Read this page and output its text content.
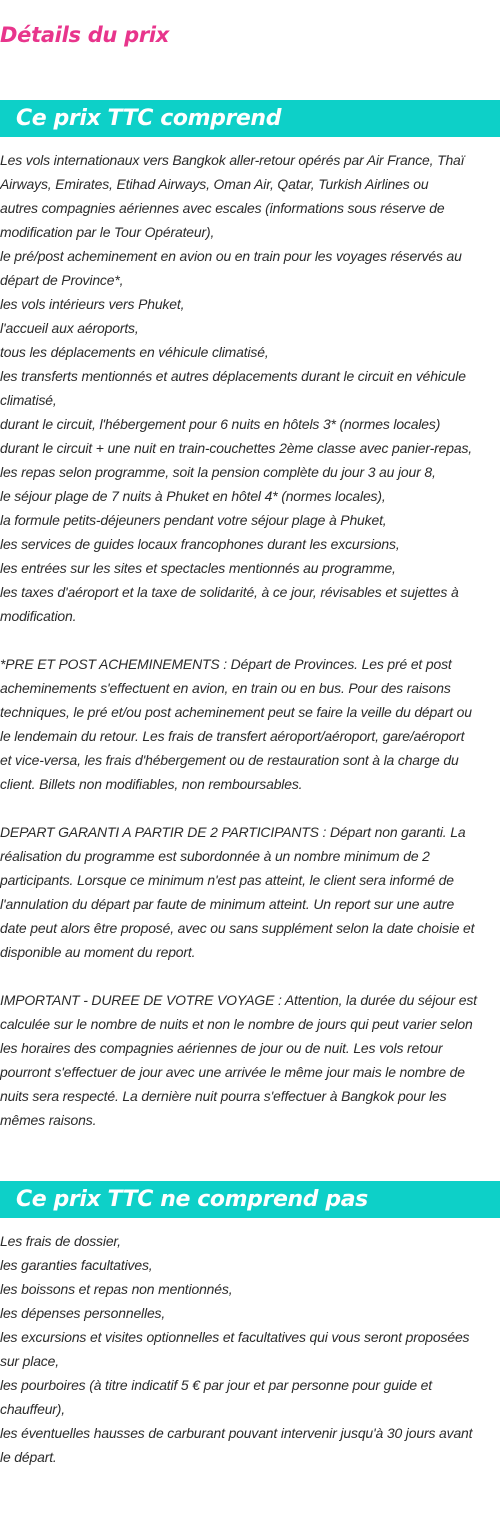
Détails du prix
Ce prix TTC comprend
Les vols internationaux vers Bangkok aller-retour opérés par Air France, Thaï
Airways, Emirates, Etihad Airways, Oman Air, Qatar, Turkish Airlines ou
autres compagnies aériennes avec escales (informations sous réserve de
modification par le Tour Opérateur),
le pré/post acheminement en avion ou en train pour les voyages réservés au
départ de Province*,
les vols intérieurs vers Phuket,
l'accueil aux aéroports,
tous les déplacements en véhicule climatisé,
les transferts mentionnés et autres déplacements durant le circuit en véhicule
climatisé,
durant le circuit, l'hébergement pour 6 nuits en hôtels 3* (normes locales)
durant le circuit + une nuit en train-couchettes 2ème classe avec panier-repas,
les repas selon programme, soit la pension complète du jour 3 au jour 8,
le séjour plage de 7 nuits à Phuket en hôtel 4* (normes locales),
la formule petits-déjeuners pendant votre séjour plage à Phuket,
les services de guides locaux francophones durant les excursions,
les entrées sur les sites et spectacles mentionnés au programme,
les taxes d'aéroport et la taxe de solidarité, à ce jour, révisables et sujettes à
modification.
*PRE ET POST ACHEMINEMENTS : Départ de Provinces. Les pré et post
acheminements s'effectuent en avion, en train ou en bus. Pour des raisons
techniques, le pré et/ou post acheminement peut se faire la veille du départ ou
le lendemain du retour. Les frais de transfert aéroport/aéroport, gare/aéroport
et vice-versa, les frais d'hébergement ou de restauration sont à la charge du
client. Billets non modifiables, non remboursables.
DEPART GARANTI A PARTIR DE 2 PARTICIPANTS : Départ non garanti. La
réalisation du programme est subordonnée à un nombre minimum de 2
participants. Lorsque ce minimum n'est pas atteint, le client sera informé de
l'annulation du départ par faute de minimum atteint. Un report sur une autre
date peut alors être proposé, avec ou sans supplément selon la date choisie et
disponible au moment du report.
IMPORTANT - DUREE DE VOTRE VOYAGE : Attention, la durée du séjour est
calculée sur le nombre de nuits et non le nombre de jours qui peut varier selon
les horaires des compagnies aériennes de jour ou de nuit. Les vols retour
pourront s'effectuer de jour avec une arrivée le même jour mais le nombre de
nuits sera respecté. La dernière nuit pourra s'effectuer à Bangkok pour les
mêmes raisons.
Ce prix TTC ne comprend pas
Les frais de dossier,
les garanties facultatives,
les boissons et repas non mentionnés,
les dépenses personnelles,
les excursions et visites optionnelles et facultatives qui vous seront proposées
sur place,
les pourboires (à titre indicatif 5 € par jour et par personne pour guide et
chauffeur),
les éventuelles hausses de carburant pouvant intervenir jusqu'à 30 jours avant
le départ.
